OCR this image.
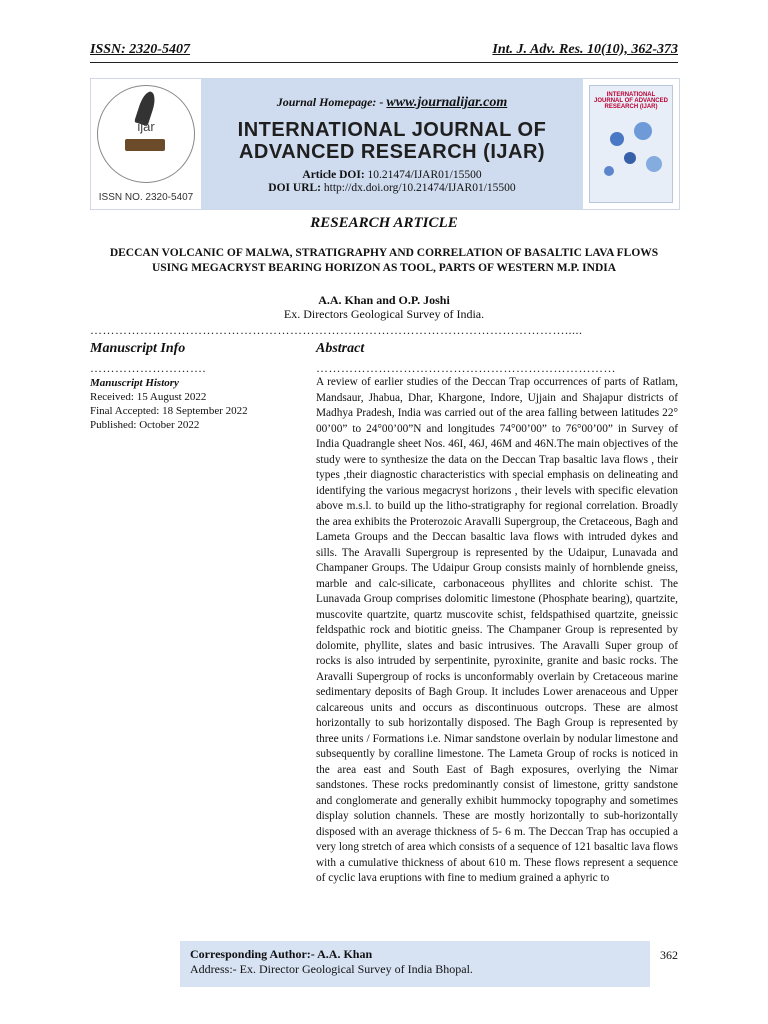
ISSN: 2320-5407	Int. J. Adv. Res. 10(10), 362-373
ijar
ISSN NO. 2320-5407
Journal Homepage: - www.journalijar.com
INTERNATIONAL JOURNAL OF
ADVANCED RESEARCH (IJAR)
Article DOI: 10.21474/IJAR01/15500
DOI URL: http://dx.doi.org/10.21474/IJAR01/15500
INTERNATIONAL JOURNAL OF ADVANCED RESEARCH (IJAR)
RESEARCH ARTICLE
DECCAN VOLCANIC OF MALWA, STRATIGRAPHY AND CORRELATION OF BASALTIC LAVA FLOWS USING MEGACRYST BEARING HORIZON AS TOOL, PARTS OF WESTERN M.P. INDIA
A.A. Khan and O.P. Joshi
Ex. Directors Geological Survey of India.
…………………………………………………………………………………………………….....
Manuscript Info	Abstract
……………………….	………………………………………………………………
Manuscript History
Received: 15 August 2022
Final Accepted: 18 September 2022
Published: October 2022
A review of earlier studies of the Deccan Trap occurrences of parts of Ratlam, Mandsaur, Jhabua, Dhar, Khargone, Indore, Ujjain and Shajapur districts of Madhya Pradesh, India was carried out of the area falling between latitudes 22° 00’00” to 24°00’00”N and longitudes 74°00’00” to 76°00’00” in Survey of India Quadrangle sheet Nos. 46I, 46J, 46M and 46N.The main objectives of the study were to synthesize the data on the Deccan Trap basaltic lava flows , their types ,their diagnostic characteristics with special emphasis on delineating and identifying the various megacryst horizons , their levels with specific elevation above m.s.l. to build up the litho-stratigraphy for regional correlation. Broadly the area exhibits the Proterozoic Aravalli Supergroup, the Cretaceous, Bagh and Lameta Groups and the Deccan basaltic lava flows with intruded dykes and sills. The Aravalli Supergroup is represented by the Udaipur, Lunavada and Champaner Groups. The Udaipur Group consists mainly of hornblende gneiss, marble and calc-silicate, carbonaceous phyllites and chlorite schist. The Lunavada Group comprises dolomitic limestone (Phosphate bearing), quartzite, muscovite quartzite, quartz muscovite schist, feldspathised quartzite, gneissic feldspathic rock and biotitic gneiss. The Champaner Group is represented by dolomite, phyllite, slates and basic intrusives. The Aravalli Super group of rocks is also intruded by serpentinite, pyroxinite, granite and basic rocks. The Aravalli Supergroup of rocks is unconformably overlain by Cretaceous marine sedimentary deposits of Bagh Group. It includes Lower arenaceous and Upper calcareous units and occurs as discontinuous outcrops. These are almost horizontally to sub horizontally disposed. The Bagh Group is represented by three units / Formations i.e. Nimar sandstone overlain by nodular limestone and subsequently by coralline limestone. The Lameta Group of rocks is noticed in the area east and South East of Bagh exposures, overlying the Nimar sandstones. These rocks predominantly consist of limestone, gritty sandstone and conglomerate and generally exhibit hummocky topography and sometimes display solution channels. These are mostly horizontally to sub-horizontally disposed with an average thickness of 5- 6 m. The Deccan Trap has occupied a very long stretch of area which consists of a sequence of 121 basaltic lava flows with a cumulative thickness of about 610 m. These flows represent a sequence of cyclic lava eruptions with fine to medium grained a aphyric to
Corresponding Author:- A.A. Khan
Address:- Ex. Director Geological Survey of India Bhopal.
362
